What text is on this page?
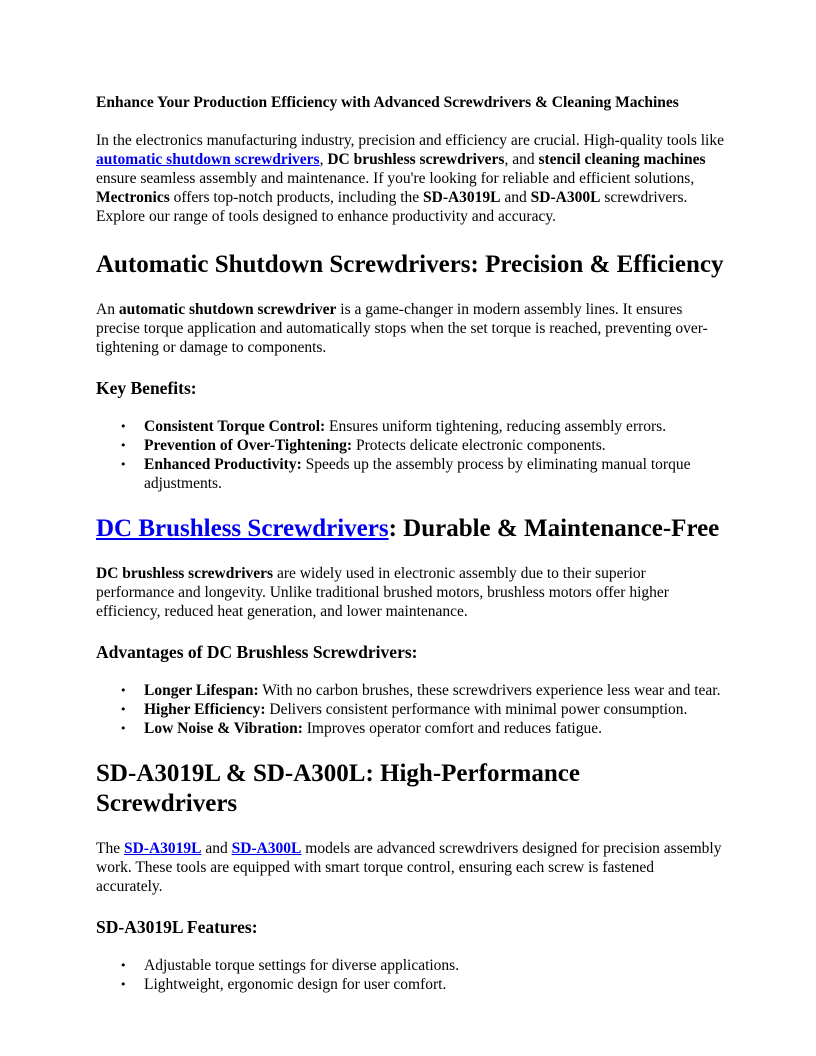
Enhance Your Production Efficiency with Advanced Screwdrivers & Cleaning Machines

In the electronics manufacturing industry, precision and efficiency are crucial. High-quality tools like automatic shutdown screwdrivers, DC brushless screwdrivers, and stencil cleaning machines ensure seamless assembly and maintenance. If you're looking for reliable and efficient solutions, Mectronics offers top-notch products, including the SD-A3019L and SD-A300L screwdrivers. Explore our range of tools designed to enhance productivity and accuracy.

Automatic Shutdown Screwdrivers: Precision & Efficiency

An automatic shutdown screwdriver is a game-changer in modern assembly lines. It ensures precise torque application and automatically stops when the set torque is reached, preventing over-tightening or damage to components.

Key Benefits:
• Consistent Torque Control: Ensures uniform tightening, reducing assembly errors.
• Prevention of Over-Tightening: Protects delicate electronic components.
• Enhanced Productivity: Speeds up the assembly process by eliminating manual torque adjustments.
DC Brushless Screwdrivers: Durable & Maintenance-Free

DC brushless screwdrivers are widely used in electronic assembly due to their superior performance and longevity. Unlike traditional brushed motors, brushless motors offer higher efficiency, reduced heat generation, and lower maintenance.

Advantages of DC Brushless Screwdrivers:
• Longer Lifespan: With no carbon brushes, these screwdrivers experience less wear and tear.
• Higher Efficiency: Delivers consistent performance with minimal power consumption.
• Low Noise & Vibration: Improves operator comfort and reduces fatigue.
SD-A3019L & SD-A300L: High-Performance Screwdrivers

The SD-A3019L and SD-A300L models are advanced screwdrivers designed for precision assembly work. These tools are equipped with smart torque control, ensuring each screw is fastened accurately.

SD-A3019L Features:
• Adjustable torque settings for diverse applications.
• Lightweight, ergonomic design for user comfort.
